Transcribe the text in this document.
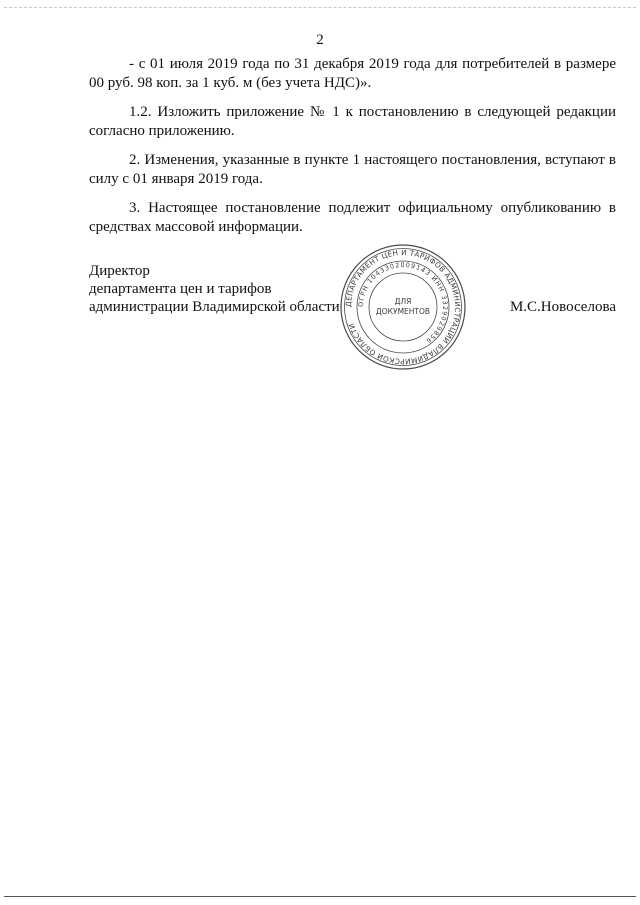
2

- с 01 июля 2019 года по 31 декабря 2019 года для потребителей в размере 00 руб. 98 коп. за 1 куб. м (без учета НДС)».

1.2. Изложить приложение № 1 к постановлению в следующей редакции согласно приложению.

2. Изменения, указанные в пункте 1 настоящего постановления, вступают в силу с 01 января 2019 года.

3. Настоящее постановление подлежит официальному опубликованию в средствах массовой информации.

ДЕПАРТАМЕНТ ЦЕН И ТАРИФОВ АДМИНИСТРАЦИИ ВЛАДИМИРСКОЙ ОБЛАСТИ
ОГРН 1043302009143 ИНН 3329029856
ДЛЯ
ДОКУМЕНТОВ
Директор
департамента цен и тарифов
администрации Владимирской области	М.С.Новоселова
